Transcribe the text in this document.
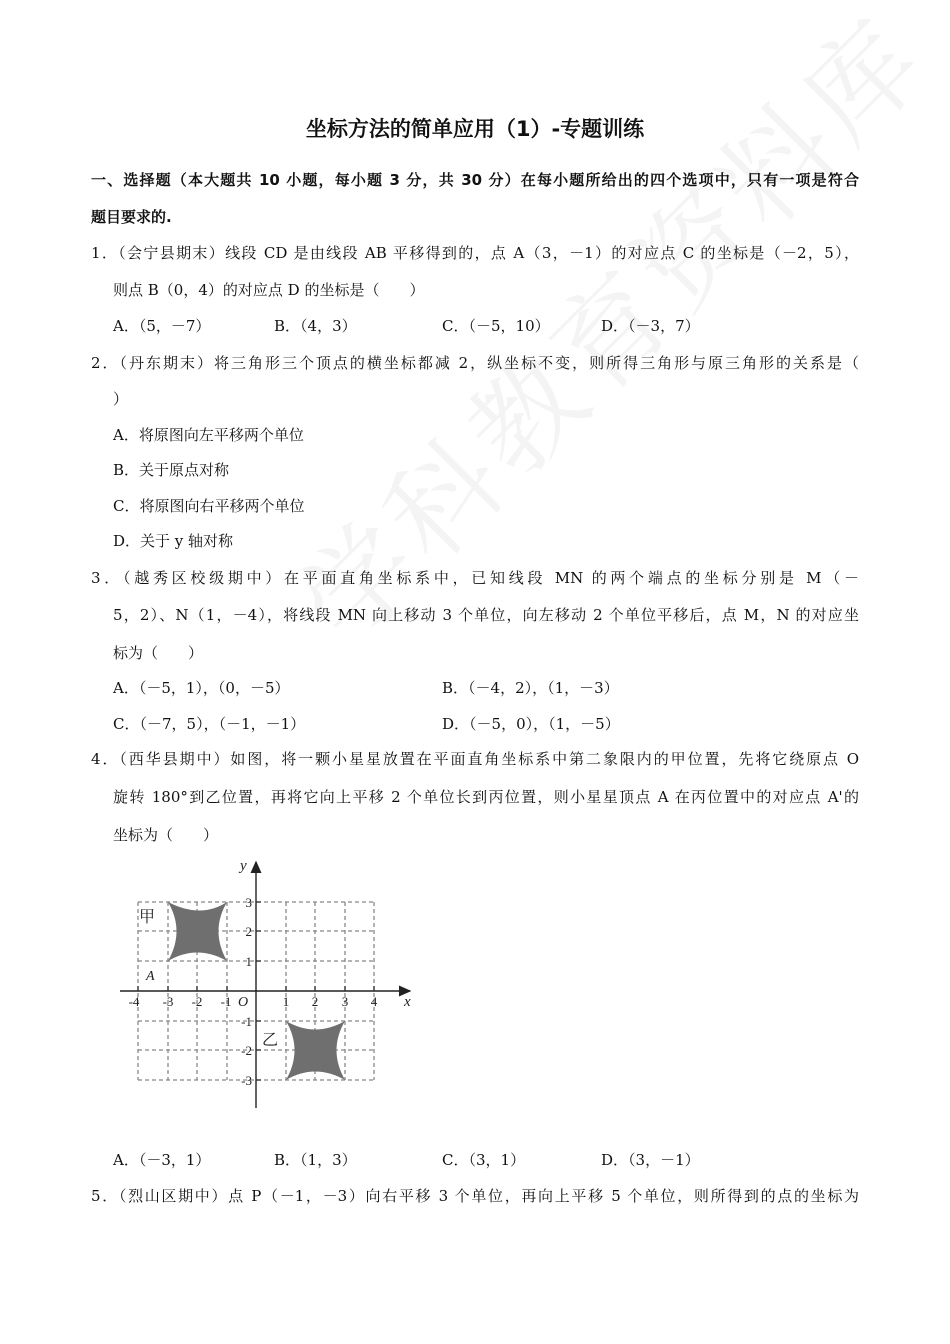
坐标方法的简单应用（1）-专题训练
一、选择题（本大题共 10 小题，每小题 3 分，共 30 分）在每小题所给出的四个选项中，只有一项是符合
题目要求的.
1．（会宁县期末）线段 CD 是由线段 AB 平移得到的，点 A（3，－1）的对应点 C 的坐标是（－2，5），
则点 B（0，4）的对应点 D 的坐标是（　　）
A．（5，－7）	B．（4，3）	C．（－5，10）	D．（－3，7）
2．（丹东期末）将三角形三个顶点的横坐标都减 2，纵坐标不变，则所得三角形与原三角形的关系是（
）
A．将原图向左平移两个单位
B．关于原点对称
C．将原图向右平移两个单位
D．关于 y 轴对称
3．（越秀区校级期中）在平面直角坐标系中，已知线段 MN 的两个端点的坐标分别是 M（－
5，2）、N（1，－4），将线段 MN 向上移动 3 个单位，向左移动 2 个单位平移后，点 M，N 的对应坐
标为（　　）
A．（－5，1），（0，－5）	B．（－4，2），（1，－3）
C．（－7，5），（－1，－1）	D．（－5，0），（1，－5）
4．（西华县期中）如图，将一颗小星星放置在平面直角坐标系中第二象限内的甲位置，先将它绕原点 O
旋转 180°到乙位置，再将它向上平移 2 个单位长到丙位置，则小星星顶点 A 在丙位置中的对应点 A'的
坐标为（　　）
-4 -3 -2 -1	1 2 3 4
3
2
1
-1
-2
-3
O	x
y
A
甲
乙
A．（－3，1）	B．（1，3）	C．（3，1）	D．（3，－1）
5．（烈山区期中）点 P（－1，－3）向右平移 3 个单位，再向上平移 5 个单位，则所得到的点的坐标为
